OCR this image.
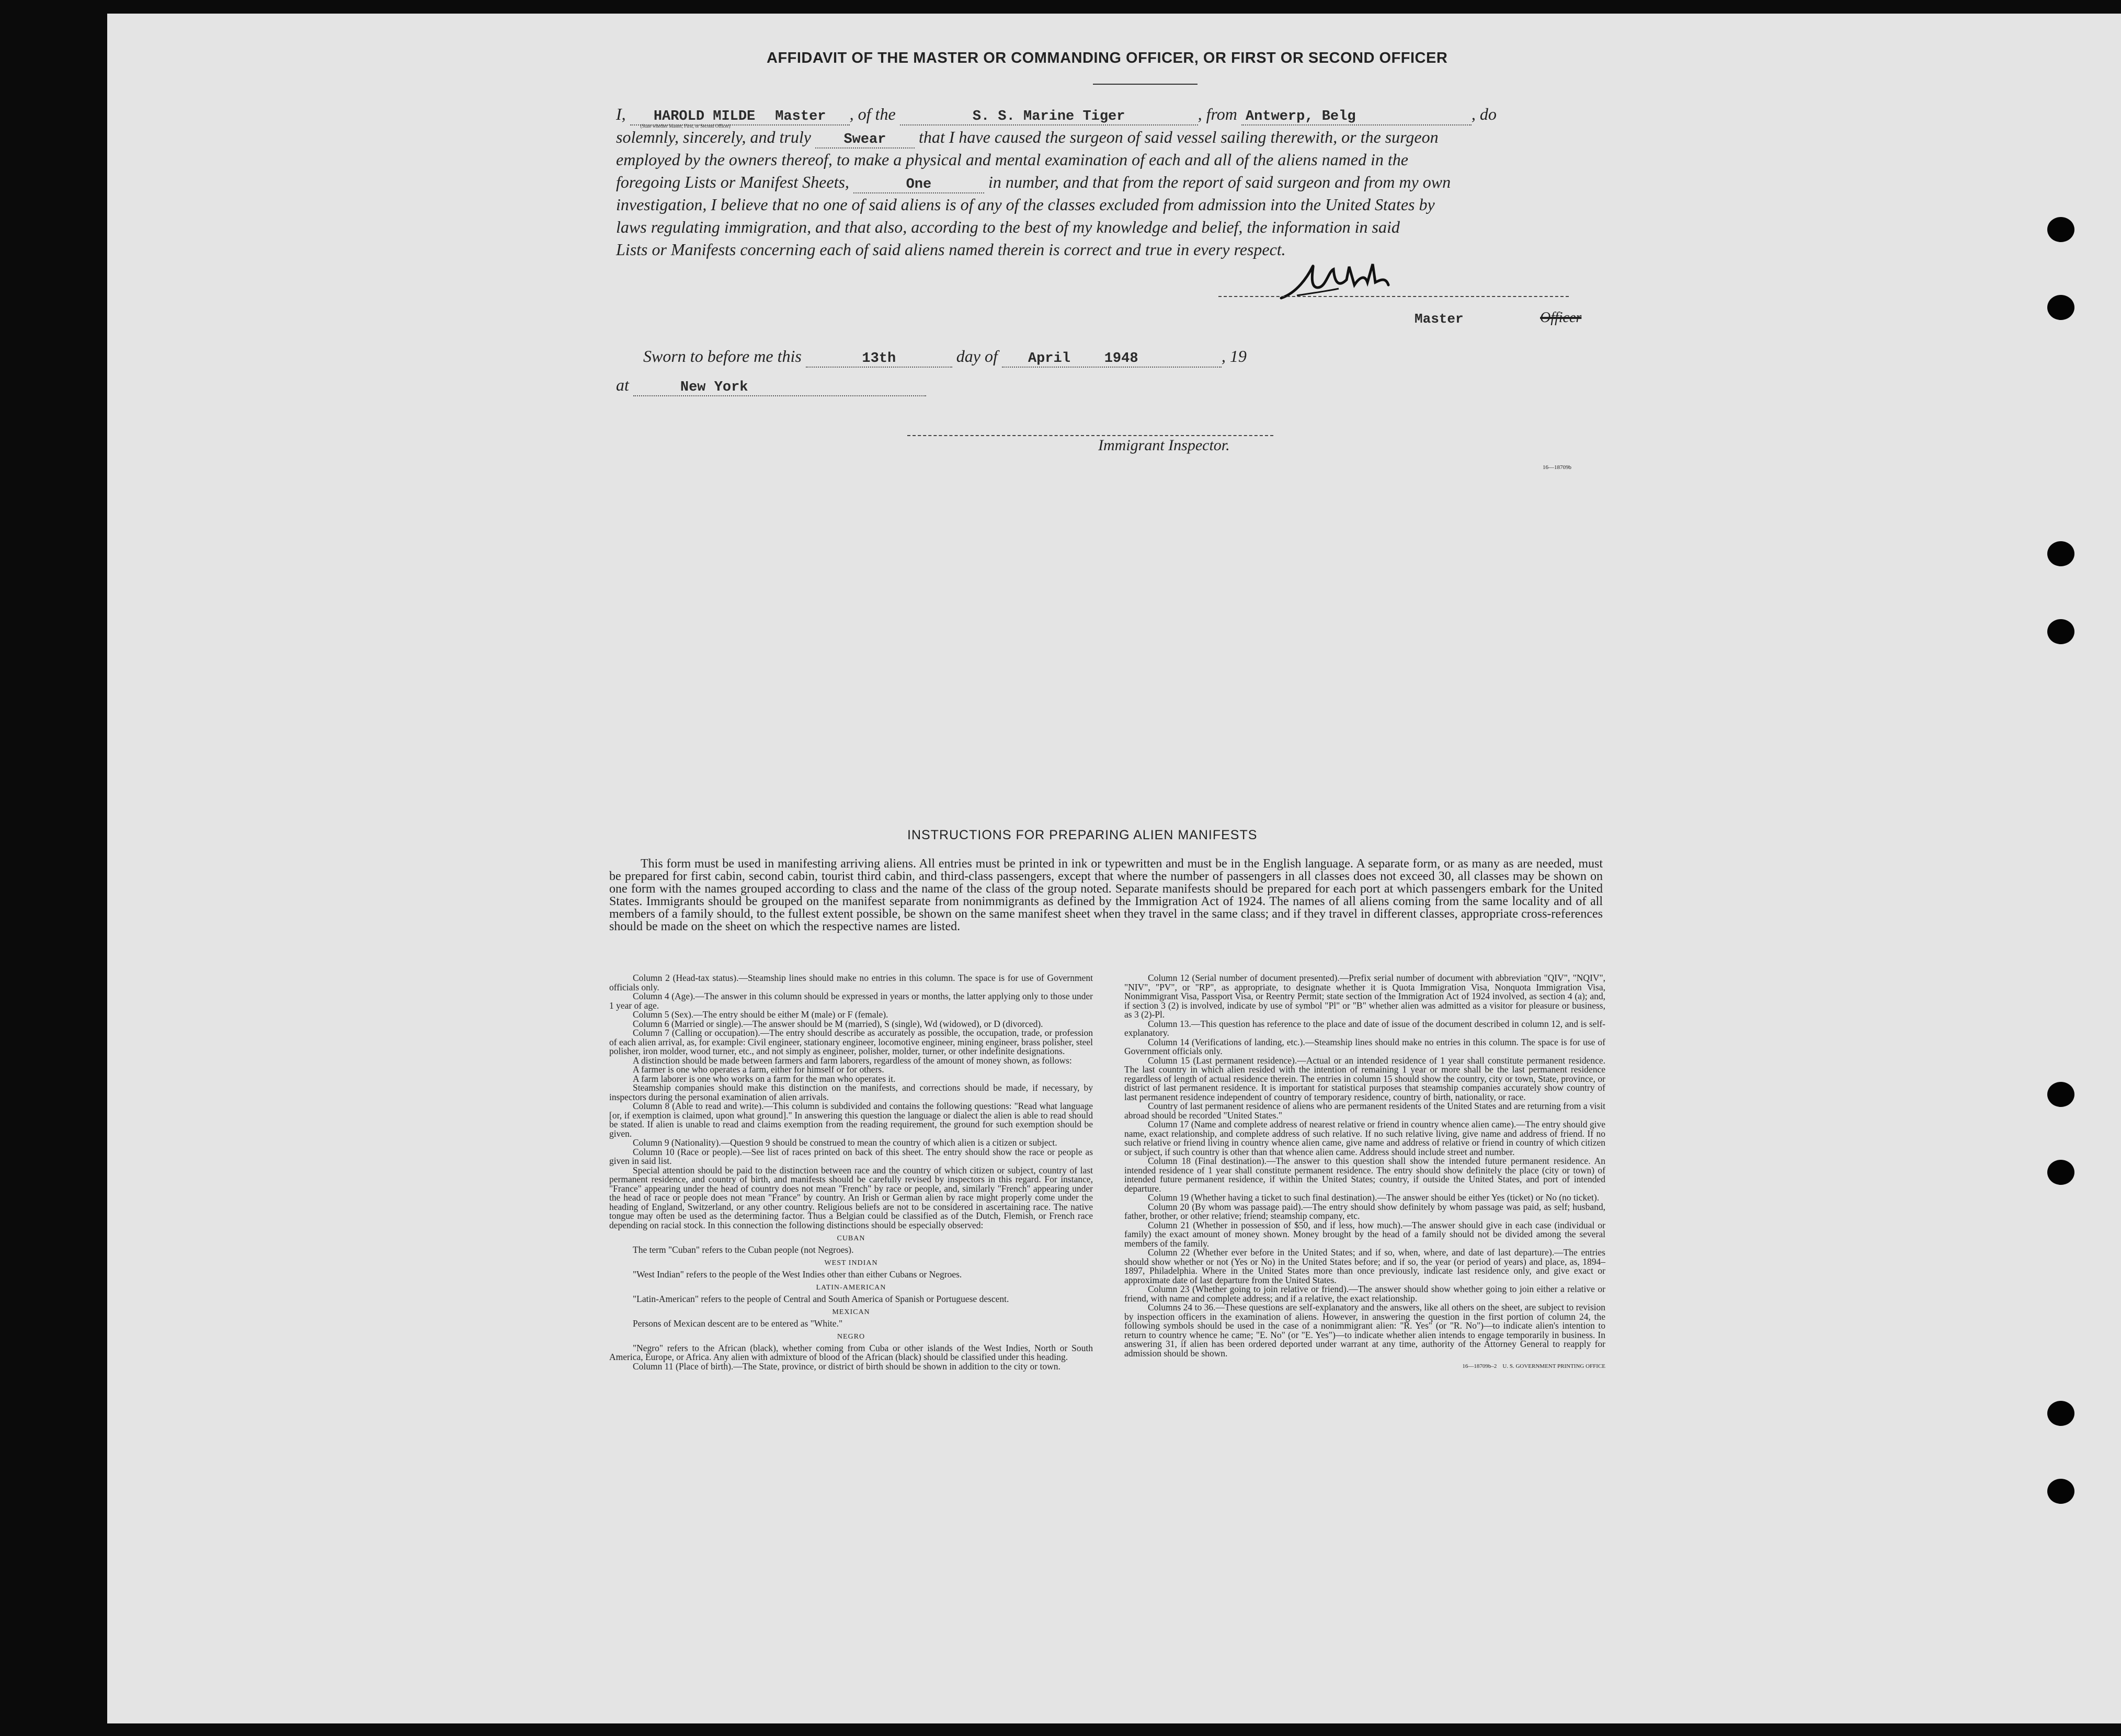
AFFIDAVIT OF THE MASTER OR COMMANDING OFFICER, OR FIRST OR SECOND OFFICER
I, HAROLD MILDE Master
(State whether Master, First, or Second Officer)
, of the	S. S. Marine Tiger	, from Antwerp, Belg	, do
solemnly, sincerely, and truly Swear that I have caused the surgeon of said vessel sailing therewith, or the surgeon
employed by the owners thereof, to make a physical and mental examination of each and all of the aliens named in the
foregoing Lists or Manifest Sheets,	One	in number, and that from the report of said surgeon and from my own
investigation, I believe that no one of said aliens is of any of the classes excluded from admission into the United States by
laws regulating immigration, and that also, according to the best of my knowledge and belief, the information in said
Lists or Manifests concerning each of said aliens named therein is correct and true in every respect.
Master	Officer
Sworn to before me this	13th	day of April    1948	, 19
at	New York
Immigrant Inspector.
16—18709b
INSTRUCTIONS FOR PREPARING ALIEN MANIFESTS
This form must be used in manifesting arriving aliens. All entries must be printed in ink or typewritten and must be in the English language. A separate form, or as many as are needed, must be prepared for first cabin, second cabin, tourist third cabin, and third-class passengers, except that where the number of passengers in all classes does not exceed 30, all classes may be shown on one form with the names grouped according to class and the name of the class of the group noted. Separate manifests should be prepared for each port at which passengers embark for the United States. Immigrants should be grouped on the manifest separate from nonimmigrants as defined by the Immigration Act of 1924. The names of all aliens coming from the same locality and of all members of a family should, to the fullest extent possible, be shown on the same manifest sheet when they travel in the same class; and if they travel in different classes, appropriate cross-references should be made on the sheet on which the respective names are listed.

Column 2 (Head-tax status).—Steamship lines should make no entries in this column. The space is for use of Government officials only.

Column 4 (Age).—The answer in this column should be expressed in years or months, the latter applying only to those under 1 year of age.

Column 5 (Sex).—The entry should be either M (male) or F (female).

Column 6 (Married or single).—The answer should be M (married), S (single), Wd (widowed), or D (divorced).

Column 7 (Calling or occupation).—The entry should describe as accurately as possible, the occupation, trade, or profession of each alien arrival, as, for example: Civil engineer, stationary engineer, locomotive engineer, mining engineer, brass polisher, steel polisher, iron molder, wood turner, etc., and not simply as engineer, polisher, molder, turner, or other indefinite designations.

A distinction should be made between farmers and farm laborers, regardless of the amount of money shown, as follows:

A farmer is one who operates a farm, either for himself or for others.

A farm laborer is one who works on a farm for the man who operates it.

Steamship companies should make this distinction on the manifests, and corrections should be made, if necessary, by inspectors during the personal examination of alien arrivals.

Column 8 (Able to read and write).—This column is subdivided and contains the following questions: "Read what language [or, if exemption is claimed, upon what ground]." In answering this question the language or dialect the alien is able to read should be stated. If alien is unable to read and claims exemption from the reading requirement, the ground for such exemption should be given.

Column 9 (Nationality).—Question 9 should be construed to mean the country of which alien is a citizen or subject.

Column 10 (Race or people).—See list of races printed on back of this sheet. The entry should show the race or people as given in said list.

Special attention should be paid to the distinction between race and the country of which citizen or subject, country of last permanent residence, and country of birth, and manifests should be carefully revised by inspectors in this regard. For instance, "France" appearing under the head of country does not mean "French" by race or people, and, similarly "French" appearing under the head of race or people does not mean "France" by country. An Irish or German alien by race might properly come under the heading of England, Switzerland, or any other country. Religious beliefs are not to be considered in ascertaining race. The native tongue may often be used as the determining factor. Thus a Belgian could be classified as of the Dutch, Flemish, or French race depending on racial stock. In this connection the following distinctions should be especially observed:

CUBAN

The term "Cuban" refers to the Cuban people (not Negroes).

WEST INDIAN

"West Indian" refers to the people of the West Indies other than either Cubans or Negroes.

LATIN-AMERICAN

"Latin-American" refers to the people of Central and South America of Spanish or Portuguese descent.

MEXICAN

Persons of Mexican descent are to be entered as "White."

NEGRO

"Negro" refers to the African (black), whether coming from Cuba or other islands of the West Indies, North or South America, Europe, or Africa. Any alien with admixture of blood of the African (black) should be classified under this heading.

Column 11 (Place of birth).—The State, province, or district of birth should be shown in addition to the city or town.

Column 12 (Serial number of document presented).—Prefix serial number of document with abbreviation "QIV", "NQIV", "NIV", "PV", or "RP", as appropriate, to designate whether it is Quota Immigration Visa, Nonquota Immigration Visa, Nonimmigrant Visa, Passport Visa, or Reentry Permit; state section of the Immigration Act of 1924 involved, as section 4 (a); and, if section 3 (2) is involved, indicate by use of symbol "Pl" or "B" whether alien was admitted as a visitor for pleasure or business, as 3 (2)-Pl.

Column 13.—This question has reference to the place and date of issue of the document described in column 12, and is self-explanatory.

Column 14 (Verifications of landing, etc.).—Steamship lines should make no entries in this column. The space is for use of Government officials only.

Column 15 (Last permanent residence).—Actual or an intended residence of 1 year shall constitute permanent residence. The last country in which alien resided with the intention of remaining 1 year or more shall be the last permanent residence regardless of length of actual residence therein. The entries in column 15 should show the country, city or town, State, province, or district of last permanent residence. It is important for statistical purposes that steamship companies accurately show country of last permanent residence independent of country of temporary residence, country of birth, nationality, or race.

Country of last permanent residence of aliens who are permanent residents of the United States and are returning from a visit abroad should be recorded "United States."

Column 17 (Name and complete address of nearest relative or friend in country whence alien came).—The entry should give name, exact relationship, and complete address of such relative. If no such relative living, give name and address of friend. If no such relative or friend living in country whence alien came, give name and address of relative or friend in country of which citizen or subject, if such country is other than that whence alien came. Address should include street and number.

Column 18 (Final destination).—The answer to this question shall show the intended future permanent residence. An intended residence of 1 year shall constitute permanent residence. The entry should show definitely the place (city or town) of intended future permanent residence, if within the United States; country, if outside the United States, and port of intended departure.

Column 19 (Whether having a ticket to such final destination).—The answer should be either Yes (ticket) or No (no ticket).

Column 20 (By whom was passage paid).—The entry should show definitely by whom passage was paid, as self; husband, father, brother, or other relative; friend; steamship company, etc.

Column 21 (Whether in possession of $50, and if less, how much).—The answer should give in each case (individual or family) the exact amount of money shown. Money brought by the head of a family should not be divided among the several members of the family.

Column 22 (Whether ever before in the United States; and if so, when, where, and date of last departure).—The entries should show whether or not (Yes or No) in the United States before; and if so, the year (or period of years) and place, as, 1894–1897, Philadelphia. Where in the United States more than once previously, indicate last residence only, and give exact or approximate date of last departure from the United States.

Column 23 (Whether going to join relative or friend).—The answer should show whether going to join either a relative or friend, with name and complete address; and if a relative, the exact relationship.

Columns 24 to 36.—These questions are self-explanatory and the answers, like all others on the sheet, are subject to revision by inspection officers in the examination of aliens. However, in answering the question in the first portion of column 24, the following symbols should be used in the case of a nonimmigrant alien: "R. Yes" (or "R. No")—to indicate alien's intention to return to country whence he came; "E. No" (or "E. Yes")—to indicate whether alien intends to engage temporarily in business. In answering 31, if alien has been ordered deported under warrant at any time, authority of the Attorney General to reapply for admission should be shown.

16—18709b–2    U. S. GOVERNMENT PRINTING OFFICE
